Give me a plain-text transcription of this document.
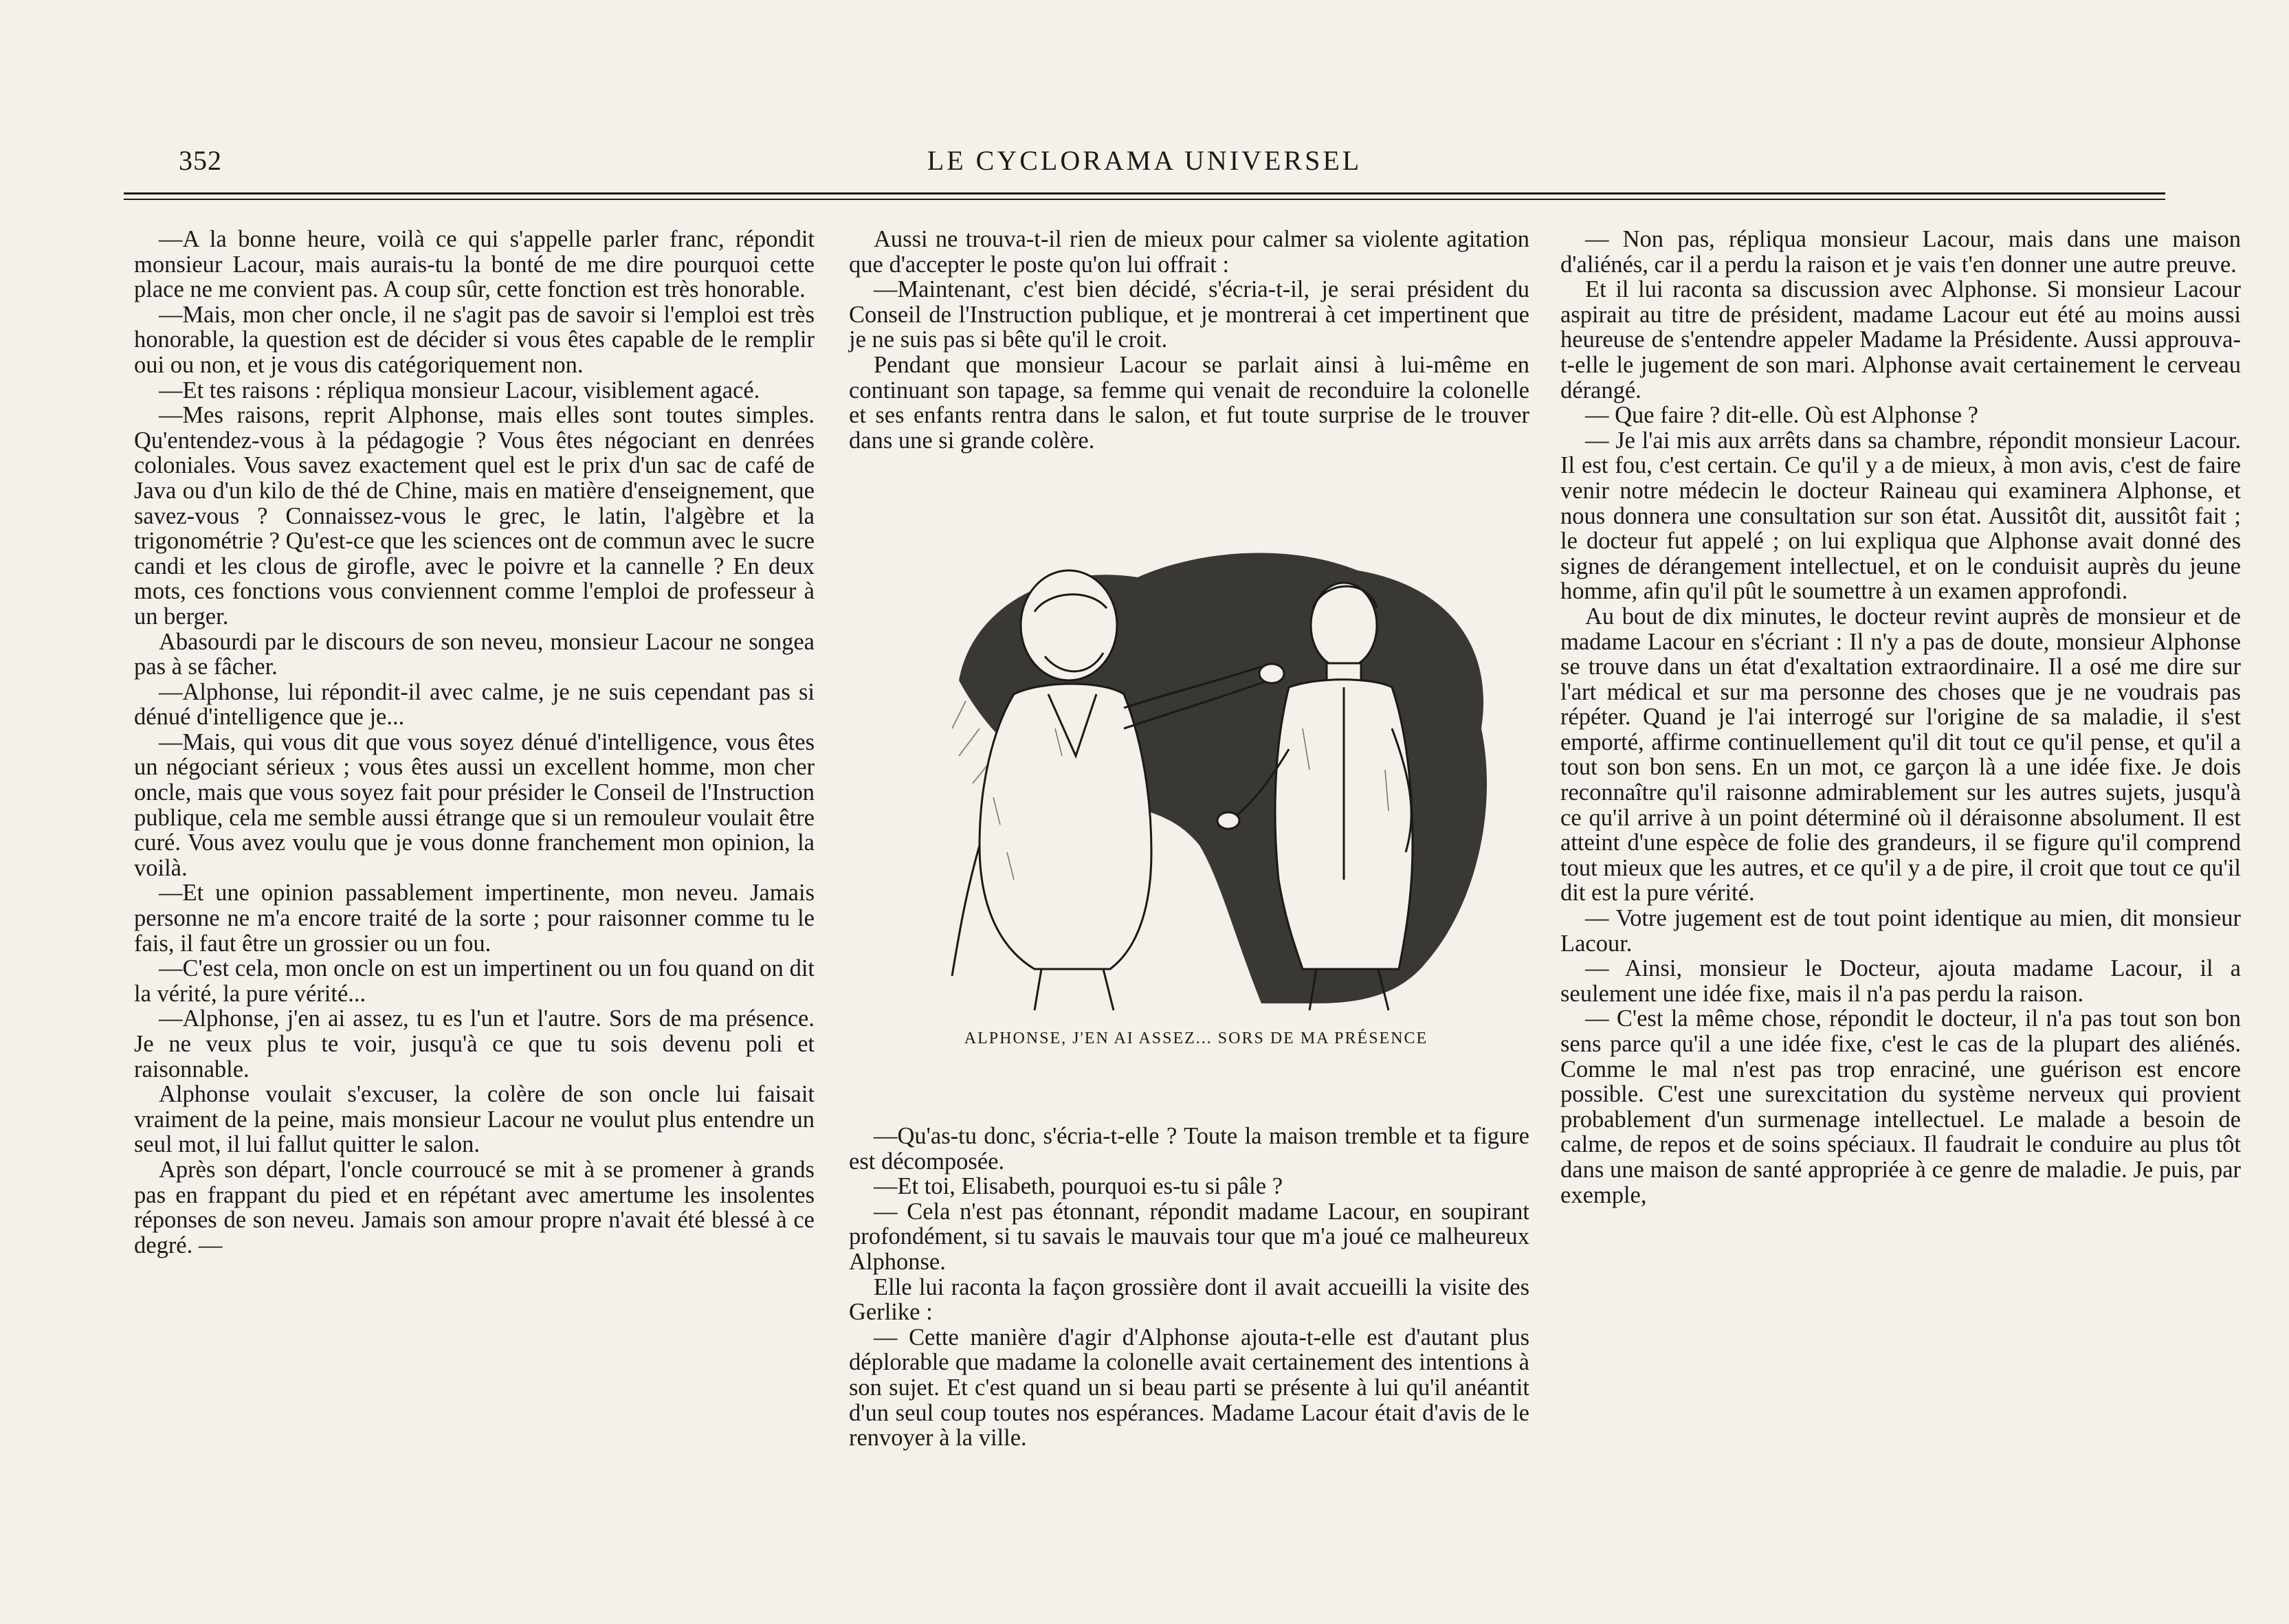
352	LE CYCLORAMA UNIVERSEL

—A la bonne heure, voilà ce qui s'appelle parler franc, répondit monsieur Lacour, mais aurais-tu la bonté de me dire pourquoi cette place ne me convient pas. A coup sûr, cette fonction est très honorable.

—Mais, mon cher oncle, il ne s'agit pas de savoir si l'emploi est très honorable, la question est de décider si vous êtes capable de le remplir oui ou non, et je vous dis catégoriquement non.

—Et tes raisons : répliqua monsieur Lacour, visiblement agacé.

—Mes raisons, reprit Alphonse, mais elles sont toutes simples. Qu'entendez-vous à la pédagogie ? Vous êtes négociant en denrées coloniales. Vous savez exactement quel est le prix d'un sac de café de Java ou d'un kilo de thé de Chine, mais en matière d'enseignement, que savez-vous ? Connaissez-vous le grec, le latin, l'algèbre et la trigonométrie ? Qu'est-ce que les sciences ont de commun avec le sucre candi et les clous de girofle, avec le poivre et la cannelle ? En deux mots, ces fonctions vous conviennent comme l'emploi de professeur à un berger.

Abasourdi par le discours de son neveu, monsieur Lacour ne songea pas à se fâcher.

—Alphonse, lui répondit-il avec calme, je ne suis cependant pas si dénué d'intelligence que je...

—Mais, qui vous dit que vous soyez dénué d'intelligence, vous êtes un négociant sérieux ; vous êtes aussi un excellent homme, mon cher oncle, mais que vous soyez fait pour présider le Conseil de l'Instruction publique, cela me semble aussi étrange que si un remouleur voulait être curé. Vous avez voulu que je vous donne franchement mon opinion, la voilà.

—Et une opinion passablement impertinente, mon neveu. Jamais personne ne m'a encore traité de la sorte ; pour raisonner comme tu le fais, il faut être un grossier ou un fou.

—C'est cela, mon oncle on est un impertinent ou un fou quand on dit la vérité, la pure vérité...

—Alphonse, j'en ai assez, tu es l'un et l'autre. Sors de ma présence. Je ne veux plus te voir, jusqu'à ce que tu sois devenu poli et raisonnable.

Alphonse voulait s'excuser, la colère de son oncle lui faisait vraiment de la peine, mais monsieur Lacour ne voulut plus entendre un seul mot, il lui fallut quitter le salon.

Après son départ, l'oncle courroucé se mit à se promener à grands pas en frappant du pied et en répétant avec amertume les insolentes réponses de son neveu. Jamais son amour propre n'avait été blessé à ce degré. —

Aussi ne trouva-t-il rien de mieux pour calmer sa violente agitation que d'accepter le poste qu'on lui offrait :

—Maintenant, c'est bien décidé, s'écria-t-il, je serai président du Conseil de l'Instruction publique, et je montrerai à cet impertinent que je ne suis pas si bête qu'il le croit.

Pendant que monsieur Lacour se parlait ainsi à lui-même en continuant son tapage, sa femme qui venait de reconduire la colonelle et ses enfants rentra dans le salon, et fut toute surprise de le trouver dans une si grande colère.

ALPHONSE, J'EN AI ASSEZ... SORS DE MA PRÉSENCE

—Qu'as-tu donc, s'écria-t-elle ? Toute la maison tremble et ta figure est décomposée.

—Et toi, Elisabeth, pourquoi es-tu si pâle ?

— Cela n'est pas étonnant, répondit madame Lacour, en soupirant profondément, si tu savais le mauvais tour que m'a joué ce malheureux Alphonse.

Elle lui raconta la façon grossière dont il avait accueilli la visite des Gerlike :

— Cette manière d'agir d'Alphonse ajouta-t-elle est d'autant plus déplorable que madame la colonelle avait certainement des intentions à son sujet. Et c'est quand un si beau parti se présente à lui qu'il anéantit d'un seul coup toutes nos espérances. Madame Lacour était d'avis de le renvoyer à la ville.

— Non pas, répliqua monsieur Lacour, mais dans une maison d'aliénés, car il a perdu la raison et je vais t'en donner une autre preuve.

Et il lui raconta sa discussion avec Alphonse. Si monsieur Lacour aspirait au titre de président, madame Lacour eut été au moins aussi heureuse de s'entendre appeler Madame la Présidente. Aussi approuva-t-elle le jugement de son mari. Alphonse avait certainement le cerveau dérangé.

— Que faire ? dit-elle. Où est Alphonse ?

— Je l'ai mis aux arrêts dans sa chambre, répondit monsieur Lacour. Il est fou, c'est certain. Ce qu'il y a de mieux, à mon avis, c'est de faire venir notre médecin le docteur Raineau qui examinera Alphonse, et nous donnera une consultation sur son état. Aussitôt dit, aussitôt fait ; le docteur fut appelé ; on lui expliqua que Alphonse avait donné des signes de dérangement intellectuel, et on le conduisit auprès du jeune homme, afin qu'il pût le soumettre à un examen approfondi.

Au bout de dix minutes, le docteur revint auprès de monsieur et de madame Lacour en s'écriant : Il n'y a pas de doute, monsieur Alphonse se trouve dans un état d'exaltation extraordinaire. Il a osé me dire sur l'art médical et sur ma personne des choses que je ne voudrais pas répéter. Quand je l'ai interrogé sur l'origine de sa maladie, il s'est emporté, affirme continuellement qu'il dit tout ce qu'il pense, et qu'il a tout son bon sens. En un mot, ce garçon là a une idée fixe. Je dois reconnaître qu'il raisonne admirablement sur les autres sujets, jusqu'à ce qu'il arrive à un point déterminé où il déraisonne absolument. Il est atteint d'une espèce de folie des grandeurs, il se figure qu'il comprend tout mieux que les autres, et ce qu'il y a de pire, il croit que tout ce qu'il dit est la pure vérité.

— Votre jugement est de tout point identique au mien, dit monsieur Lacour.

— Ainsi, monsieur le Docteur, ajouta madame Lacour, il a seulement une idée fixe, mais il n'a pas perdu la raison.

— C'est la même chose, répondit le docteur, il n'a pas tout son bon sens parce qu'il a une idée fixe, c'est le cas de la plupart des aliénés. Comme le mal n'est pas trop enraciné, une guérison est encore possible. C'est une surexcitation du système nerveux qui provient probablement d'un surmenage intellectuel. Le malade a besoin de calme, de repos et de soins spéciaux. Il faudrait le conduire au plus tôt dans une maison de santé appropriée à ce genre de maladie. Je puis, par exemple,
